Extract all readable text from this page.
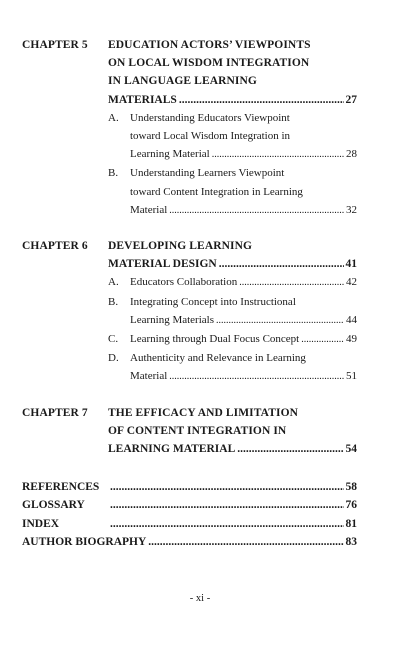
CHAPTER 5 EDUCATION ACTORS’ VIEWPOINTS
ON LOCAL WISDOM INTEGRATION
IN LANGUAGE LEARNING
MATERIALS .....	27
A. Understanding Educators Viewpoint
toward Local Wisdom Integration in
Learning Material .....	28
B. Understanding Learners Viewpoint
toward Content Integration in Learning
Material .....	32
CHAPTER 6 DEVELOPING LEARNING
MATERIAL DESIGN .....	41
A. Educators Collaboration .....	42
B. Integrating Concept into Instructional
Learning Materials .....	44
C. Learning through Dual Focus Concept .....	49
D. Authenticity and Relevance in Learning
Material .....	51
CHAPTER 7 THE EFFICACY AND LIMITATION
OF CONTENT INTEGRATION IN
LEARNING MATERIAL .....	54
REFERENCES .....	58
GLOSSARY .....	76
INDEX .....	81
AUTHOR BIOGRAPHY .....	83
- xi -
